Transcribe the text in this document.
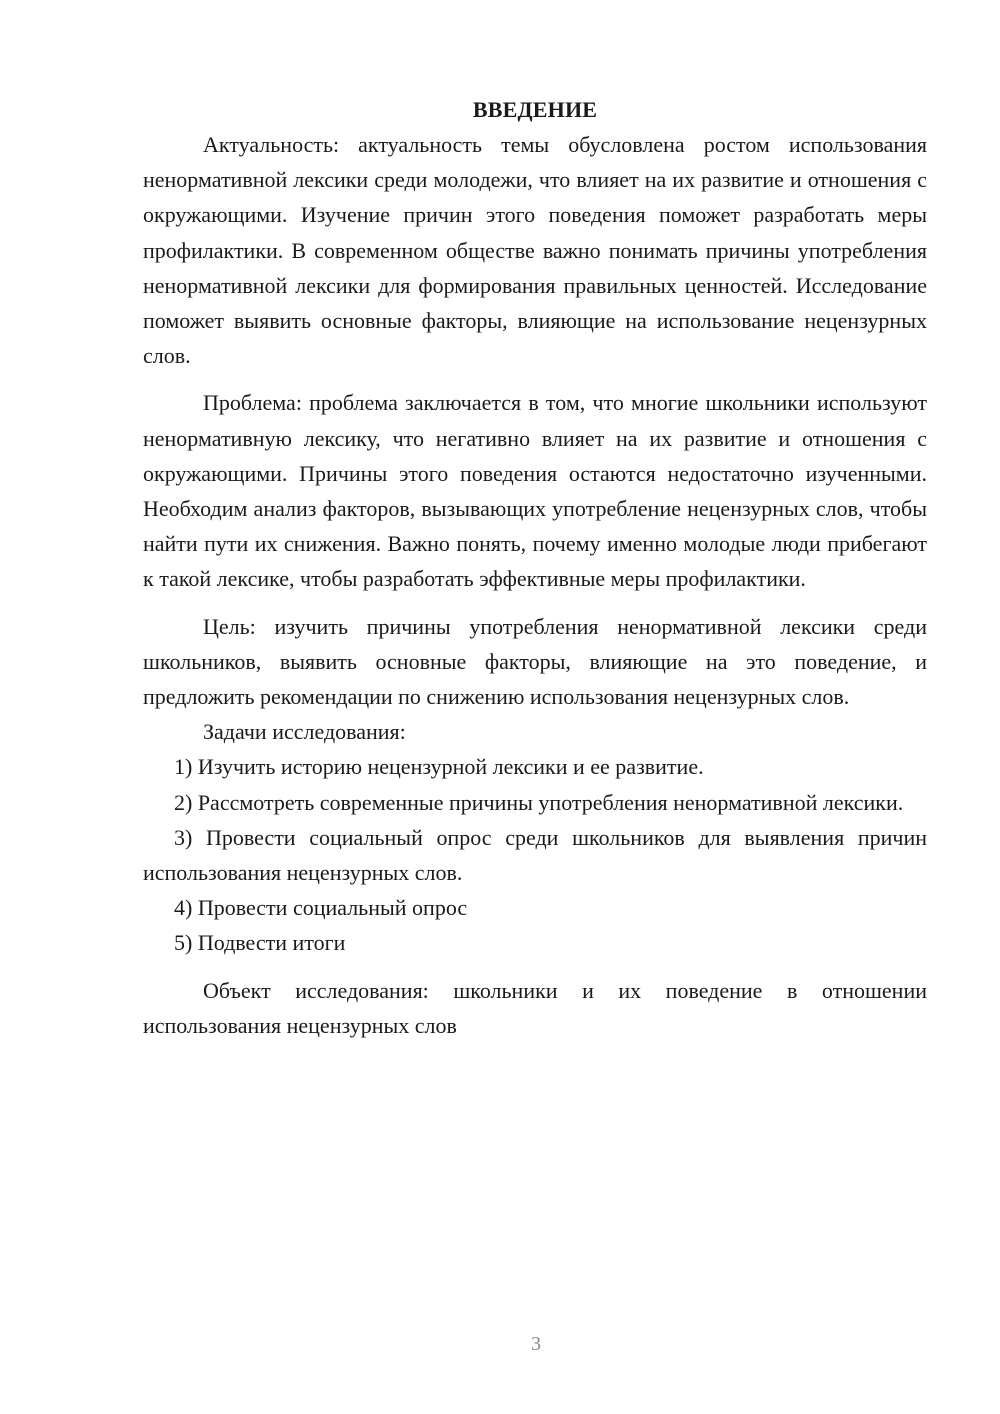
ВВЕДЕНИЕ

Актуальность: актуальность темы обусловлена ростом использования ненормативной лексики среди молодежи, что влияет на их развитие и отношения с окружающими. Изучение причин этого поведения поможет разработать меры профилактики. В современном обществе важно понимать причины употребления ненормативной лексики для формирования правильных ценностей. Исследование поможет выявить основные факторы, влияющие на использование нецензурных слов.

Проблема: проблема заключается в том, что многие школьники используют ненормативную лексику, что негативно влияет на их развитие и отношения с окружающими. Причины этого поведения остаются недостаточно изученными. Необходим анализ факторов, вызывающих употребление нецензурных слов, чтобы найти пути их снижения. Важно понять, почему именно молодые люди прибегают к такой лексике, чтобы разработать эффективные меры профилактики.

Цель: изучить причины употребления ненормативной лексики среди школьников, выявить основные факторы, влияющие на это поведение, и предложить рекомендации по снижению использования нецензурных слов.

Задачи исследования:

1) Изучить историю нецензурной лексики и ее развитие.

2) Рассмотреть современные причины употребления ненормативной лексики.

3) Провести социальный опрос среди школьников для выявления причин использования нецензурных слов.

4) Провести социальный опрос

5) Подвести итоги

Объект исследования: школьники и их поведение в отношении использования нецензурных слов

3
